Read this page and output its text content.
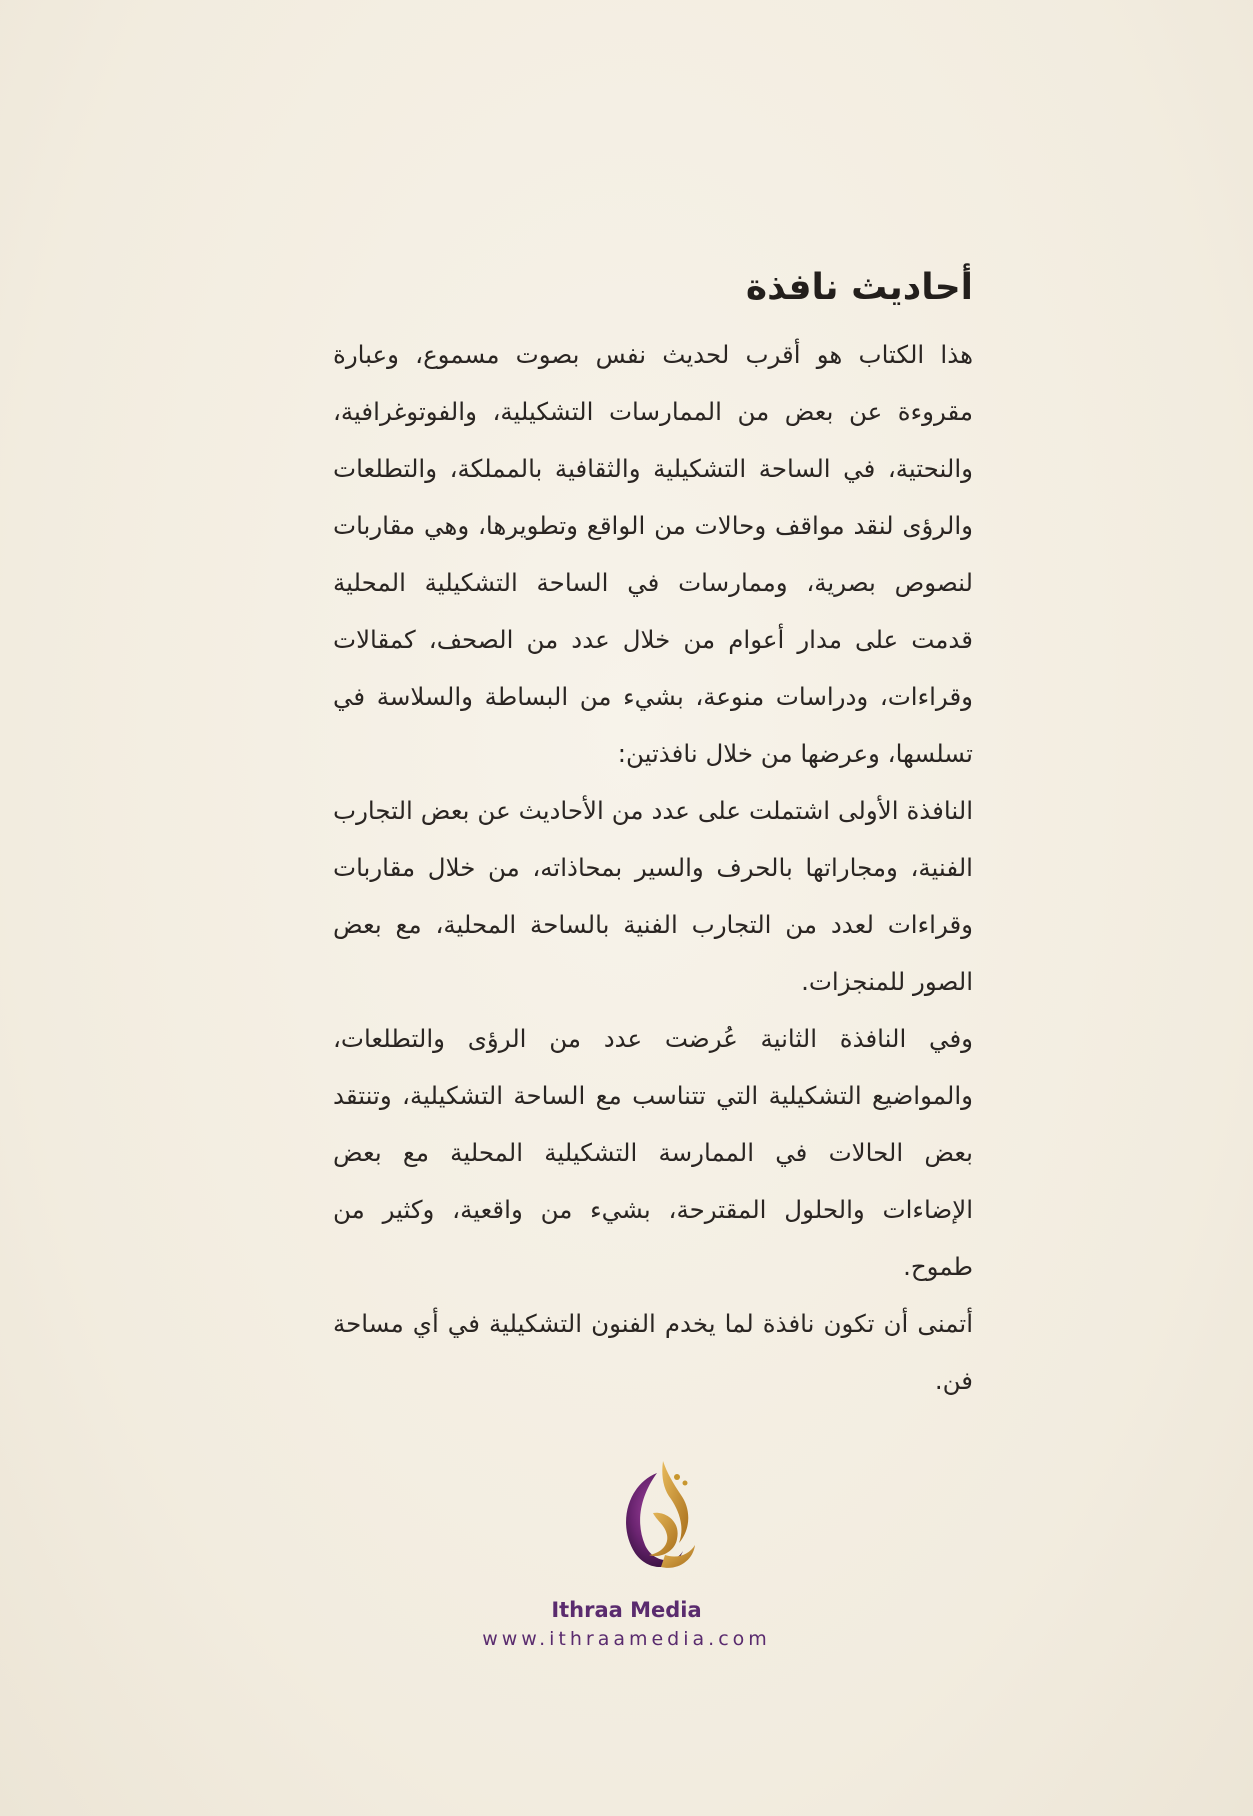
أحاديث نافذة

هذا الكتاب هو أقرب لحديث نفس بصوت مسموع، وعبارة مقروءة عن بعض من الممارسات التشكيلية، والفوتوغرافية، والنحتية، في الساحة التشكيلية والثقافية بالمملكة، والتطلعات والرؤى لنقد مواقف وحالات من الواقع وتطويرها، وهي مقاربات لنصوص بصرية، وممارسات في الساحة التشكيلية المحلية قدمت على مدار أعوام من خلال عدد من الصحف، كمقالات وقراءات، ودراسات منوعة، بشيء من البساطة والسلاسة في تسلسها، وعرضها من خلال نافذتين:

النافذة الأولى اشتملت على عدد من الأحاديث عن بعض التجارب الفنية، ومجاراتها بالحرف والسير بمحاذاته، من خلال مقاربات وقراءات لعدد من التجارب الفنية بالساحة المحلية، مع بعض الصور للمنجزات.

وفي النافذة الثانية عُرضت عدد من الرؤى والتطلعات، والمواضيع التشكيلية التي تتناسب مع الساحة التشكيلية، وتنتقد بعض الحالات في الممارسة التشكيلية المحلية مع بعض الإضاءات والحلول المقترحة، بشيء من واقعية، وكثير من طموح.

أتمنى أن تكون نافذة لما يخدم الفنون التشكيلية في أي مساحة فن.

Ithraa Media
www.ithraamedia.com
